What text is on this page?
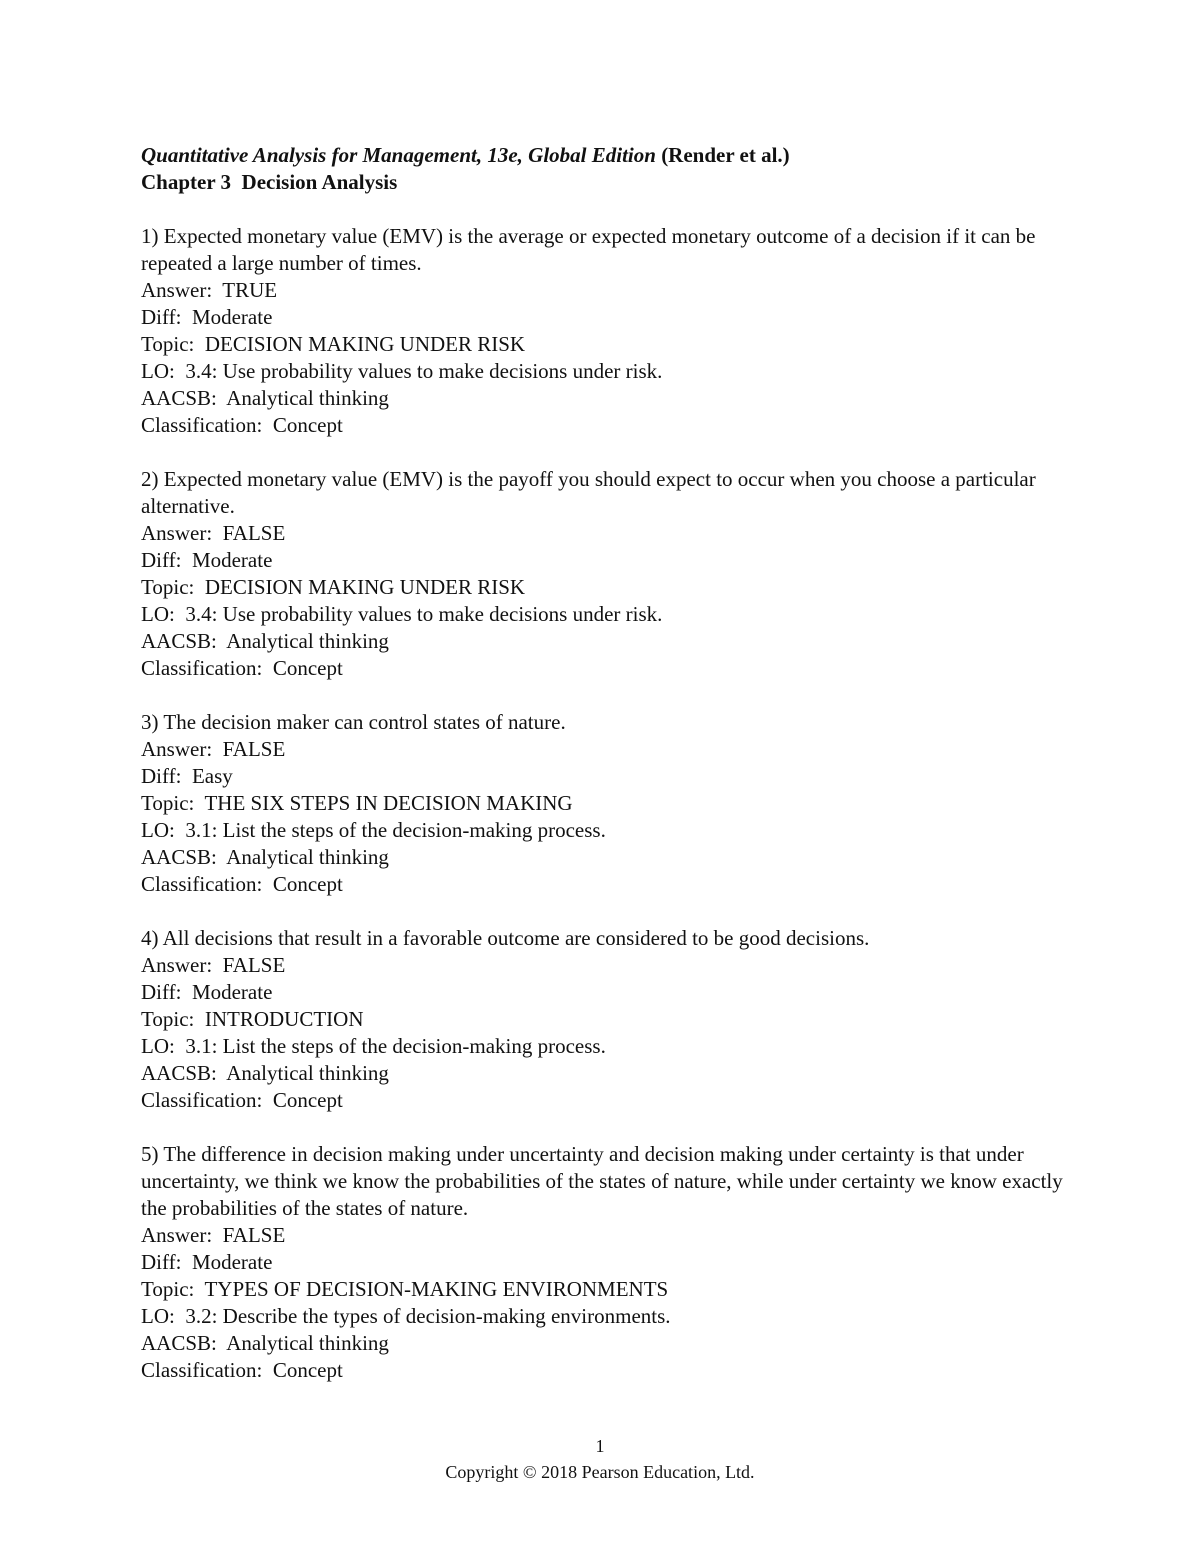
Quantitative Analysis for Management, 13e, Global Edition (Render et al.)
Chapter 3  Decision Analysis
1) Expected monetary value (EMV) is the average or expected monetary outcome of a decision if it can be repeated a large number of times.
Answer:  TRUE
Diff:  Moderate
Topic:  DECISION MAKING UNDER RISK
LO:  3.4: Use probability values to make decisions under risk.
AACSB:  Analytical thinking
Classification:  Concept
2) Expected monetary value (EMV) is the payoff you should expect to occur when you choose a particular alternative.
Answer:  FALSE
Diff:  Moderate
Topic:  DECISION MAKING UNDER RISK
LO:  3.4: Use probability values to make decisions under risk.
AACSB:  Analytical thinking
Classification:  Concept
3) The decision maker can control states of nature.
Answer:  FALSE
Diff:  Easy
Topic:  THE SIX STEPS IN DECISION MAKING
LO:  3.1: List the steps of the decision-making process.
AACSB:  Analytical thinking
Classification:  Concept
4) All decisions that result in a favorable outcome are considered to be good decisions.
Answer:  FALSE
Diff:  Moderate
Topic:  INTRODUCTION
LO:  3.1: List the steps of the decision-making process.
AACSB:  Analytical thinking
Classification:  Concept
5) The difference in decision making under uncertainty and decision making under certainty is that under uncertainty, we think we know the probabilities of the states of nature, while under certainty we know exactly the probabilities of the states of nature.
Answer:  FALSE
Diff:  Moderate
Topic:  TYPES OF DECISION-MAKING ENVIRONMENTS
LO:  3.2: Describe the types of decision-making environments.
AACSB:  Analytical thinking
Classification:  Concept
1
Copyright © 2018 Pearson Education, Ltd.
